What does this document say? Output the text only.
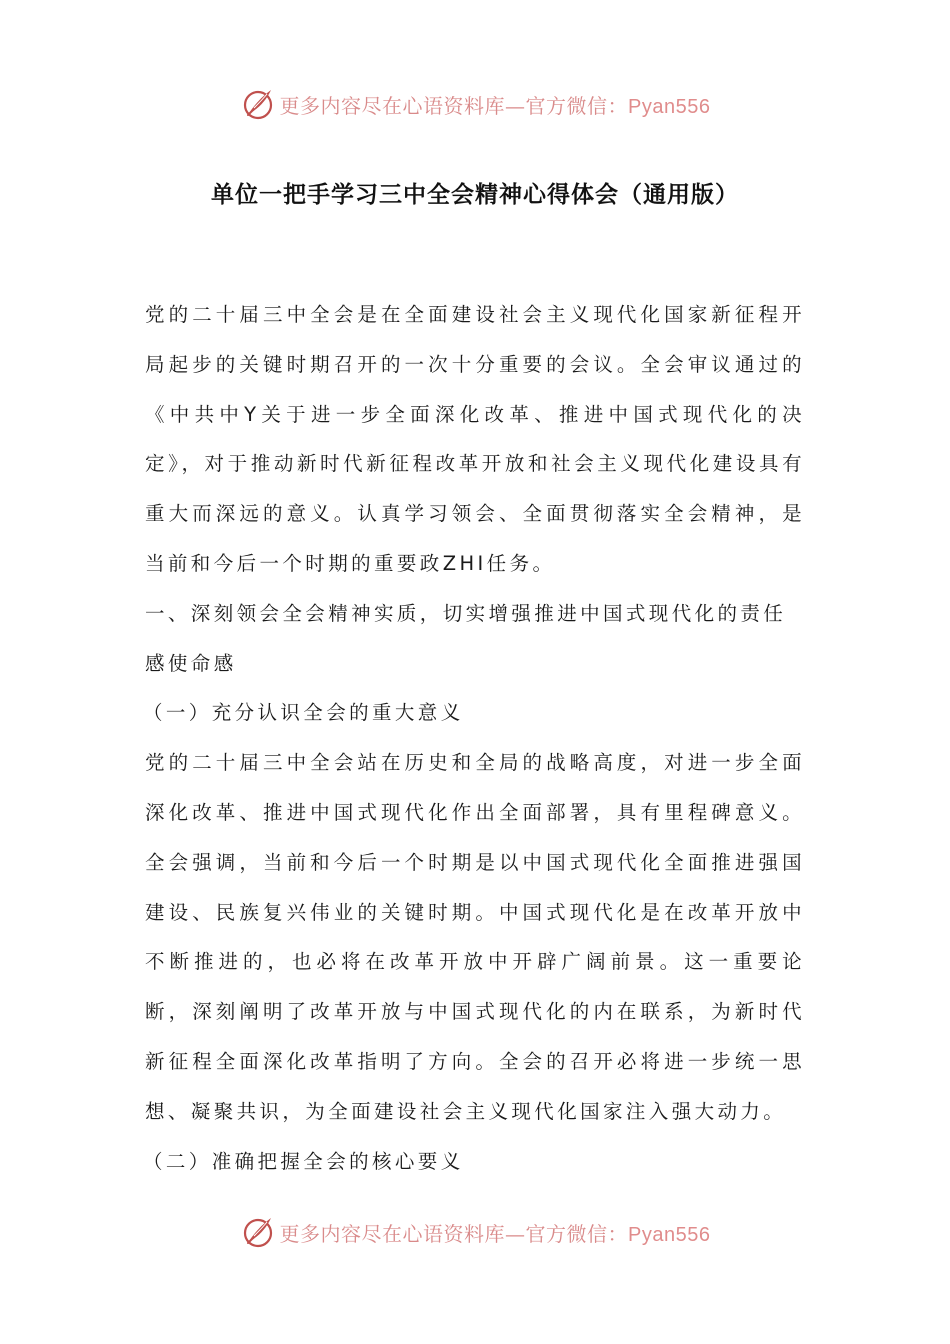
更多内容尽在心语资料库—官方微信：Pyan556
单位一把手学习三中全会精神心得体会（通用版）

党的二十届三中全会是在全面建设社会主义现代化国家新征程开局起步的关键时期召开的一次十分重要的会议。全会审议通过的《中共中Y关于进一步全面深化改革、推进中国式现代化的决定》，对于推动新时代新征程改革开放和社会主义现代化建设具有重大而深远的意义。认真学习领会、全面贯彻落实全会精神，是当前和今后一个时期的重要政ZHI任务。

一、深刻领会全会精神实质，切实增强推进中国式现代化的责任感使命感

（一）充分认识全会的重大意义

党的二十届三中全会站在历史和全局的战略高度，对进一步全面深化改革、推进中国式现代化作出全面部署，具有里程碑意义。全会强调，当前和今后一个时期是以中国式现代化全面推进强国建设、民族复兴伟业的关键时期。中国式现代化是在改革开放中不断推进的，也必将在改革开放中开辟广阔前景。这一重要论断，深刻阐明了改革开放与中国式现代化的内在联系，为新时代新征程全面深化改革指明了方向。全会的召开必将进一步统一思想、凝聚共识，为全面建设社会主义现代化国家注入强大动力。

（二）准确把握全会的核心要义

更多内容尽在心语资料库—官方微信：Pyan556
